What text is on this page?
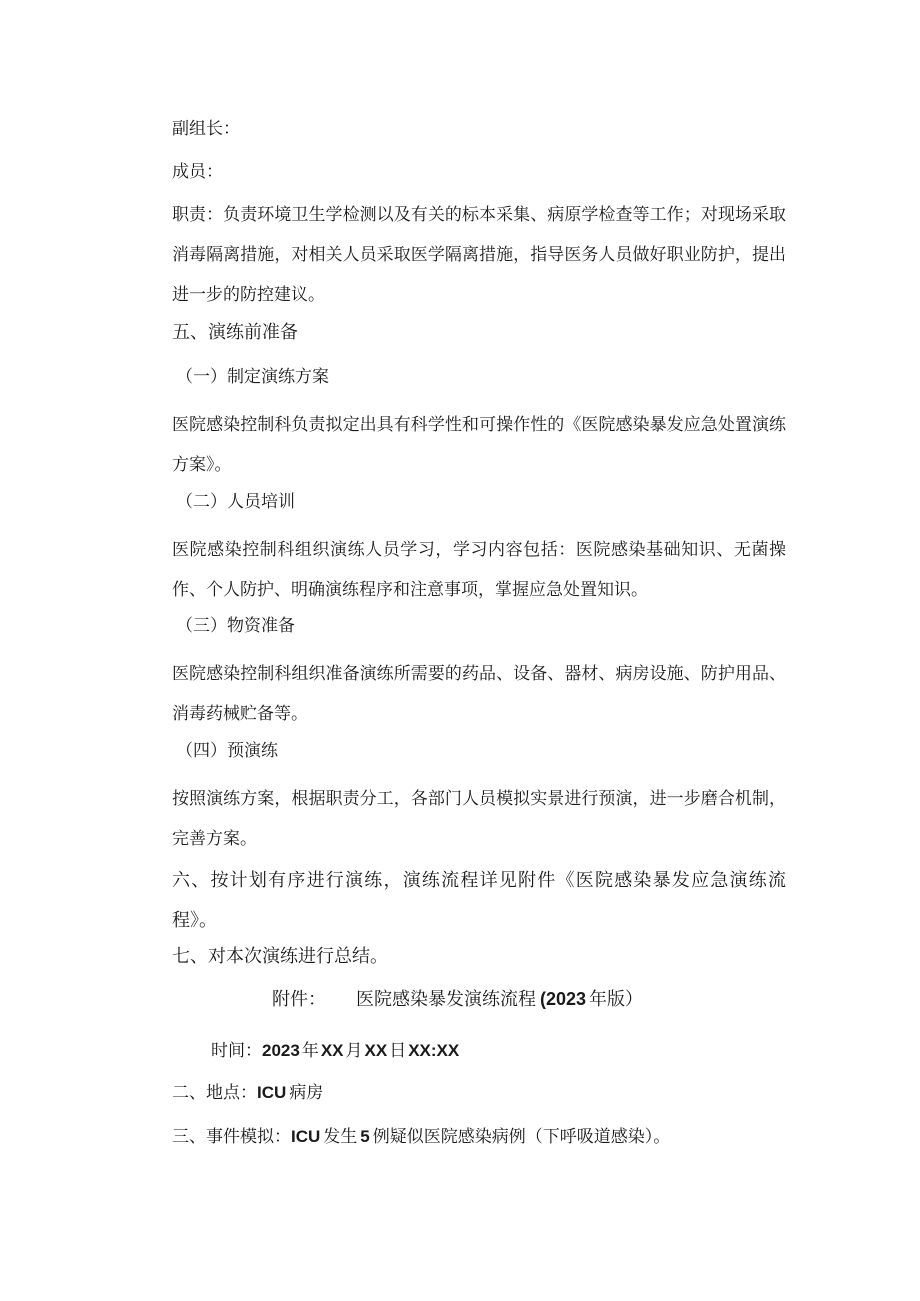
副组长：
成员：
职责：负责环境卫生学检测以及有关的标本采集、病原学检查等工作；对现场采取消毒隔离措施，对相关人员采取医学隔离措施，指导医务人员做好职业防护，提出进一步的防控建议。
五、演练前准备
（一）制定演练方案
医院感染控制科负责拟定出具有科学性和可操作性的《医院感染暴发应急处置演练方案》。
（二）人员培训
医院感染控制科组织演练人员学习，学习内容包括：医院感染基础知识、无菌操作、个人防护、明确演练程序和注意事项，掌握应急处置知识。
（三）物资准备
医院感染控制科组织准备演练所需要的药品、设备、器材、病房设施、防护用品、消毒药械贮备等。
（四）预演练
按照演练方案，根据职责分工，各部门人员模拟实景进行预演，进一步磨合机制，完善方案。
六、按计划有序进行演练，演练流程详见附件《医院感染暴发应急演练流程》。
七、对本次演练进行总结。
附件： 医院感染暴发演练流程 (2023 年版）
时间：2023 年 XX 月 XX 日 XX:XX
二、地点：ICU 病房
三、事件模拟：ICU 发生 5 例疑似医院感染病例（下呼吸道感染）。
